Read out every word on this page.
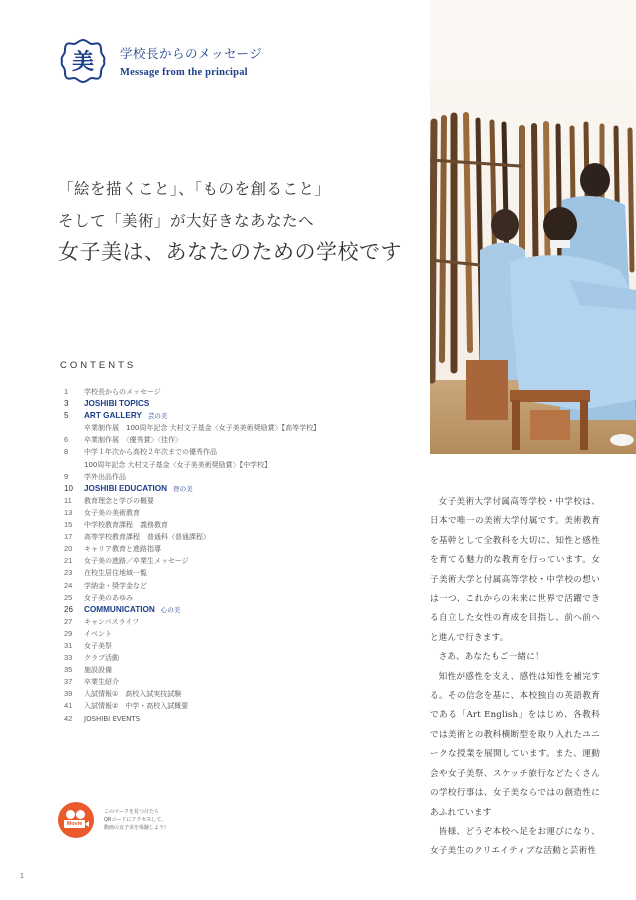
美 学校長からのメッセージ
Message from the principal
「絵を描くこと」、「ものを創ること」
そして「美術」が大好きなあなたへ
女子美は、あなたのための学校です
CONTENTS
1	学校長からのメッセージ
3	JOSHIBI TOPICS
5	ART GALLERY 芸の美
卒業制作展　100周年記念 大村文子基金〈女子美美術奨励賞〉【高等学校】
6	卒業制作展　〈優秀賞〉〈佳作〉
8	中学１年次から高校２年次までの優秀作品
100周年記念 大村文子基金〈女子美美術奨励賞〉【中学校】
9	学外出品作品
10	JOSHIBI EDUCATION 智の美
11	教育理念と学びの概要
13	女子美の美術教育
15	中学校教育課程　義務教育
17	高等学校教育課程　普通科（普通課程）
20	キャリア教育と進路指導
21	女子美の進路／卒業生メッセージ
23	在校生居住地域一覧
24	学納金・奨学金など
25	女子美のあゆみ
26	COMMUNICATION 心の美
27	キャンパスライフ
29	イベント
31	女子美祭
33	クラブ活動
35	施設設備
37	卒業生紹介
39	入試情報①　高校入試実技試験
41	入試情報②　中学・高校入試概要
42	JOSHIBI EVENTS
Movie
このマークを見つけたら
QRコードにアクセスして、
動画の女子美を体験しよう!

女子美術大学付属高等学校・中学校は、日本で唯一の美術大学付属です。美術教育を基幹として全教科を大切に、知性と感性を育てる魅力的な教育を行っています。女子美術大学と付属高等学校・中学校の想いは一つ、これからの未来に世界で活躍できる自立した女性の育成を目指し、前へ前へと進んで行きます。

さあ、あなたもご一緒に！

知性が感性を支え、感性は知性を補完する。その信念を基に、本校独自の英語教育である「Art English」をはじめ、各教科では美術との教科横断型を取り入れたユニークな授業を展開しています。また、運動会や女子美祭、スケッチ旅行などたくさんの学校行事は、女子美ならではの創造性にあふれています

皆様、どうぞ本校へ足をお運びになり、女子美生のクリエイティブな活動と芸術性

1
